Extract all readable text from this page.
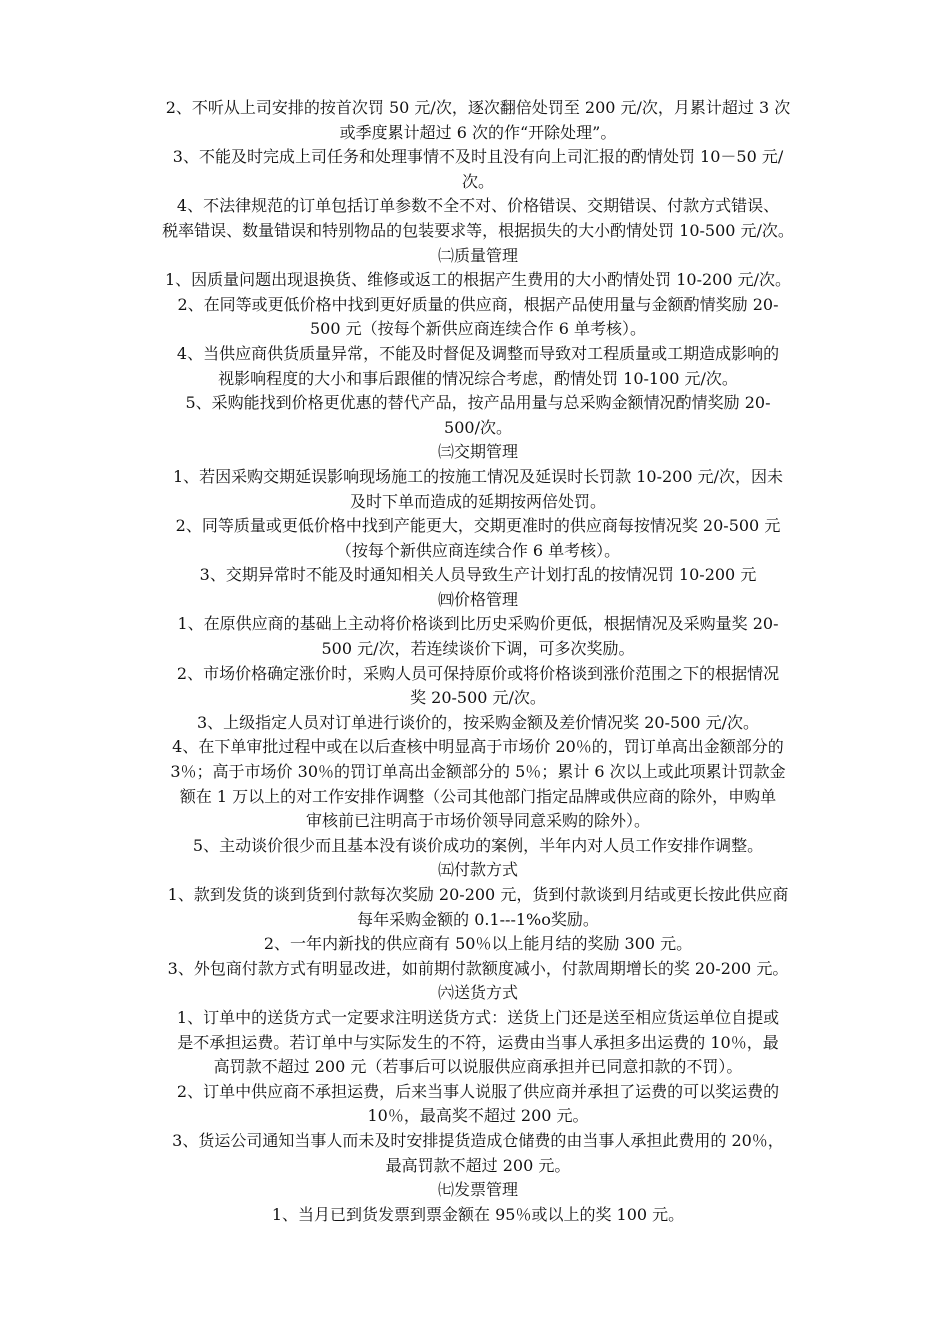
2、不听从上司安排的按首次罚 50 元/次，逐次翻倍处罚至 200 元/次，月累计超过 3 次
或季度累计超过 6 次的作“开除处理”。

3、不能及时完成上司任务和处理事情不及时且没有向上司汇报的酌情处罚 10－50 元/
次。

4、不法律规范的订单包括订单参数不全不对、价格错误、交期错误、付款方式错误、
税率错误、数量错误和特别物品的包装要求等，根据损失的大小酌情处罚 10-500 元/次。

㈡质量管理

1、因质量问题出现退换货、维修或返工的根据产生费用的大小酌情处罚 10-200 元/次。

2、在同等或更低价格中找到更好质量的供应商，根据产品使用量与金额酌情奖励 20-
500 元（按每个新供应商连续合作 6 单考核）。

4、当供应商供货质量异常，不能及时督促及调整而导致对工程质量或工期造成影响的
视影响程度的大小和事后跟催的情况综合考虑，酌情处罚 10-100 元/次。

5、采购能找到价格更优惠的替代产品，按产品用量与总采购金额情况酌情奖励 20-
500/次。

㈢交期管理

1、若因采购交期延误影响现场施工的按施工情况及延误时长罚款 10-200 元/次，因未
及时下单而造成的延期按两倍处罚。

2、同等质量或更低价格中找到产能更大，交期更准时的供应商每按情况奖 20-500 元
（按每个新供应商连续合作 6 单考核）。

3、交期异常时不能及时通知相关人员导致生产计划打乱的按情况罚 10-200 元

㈣价格管理

1、在原供应商的基础上主动将价格谈到比历史采购价更低，根据情况及采购量奖 20-
500 元/次，若连续谈价下调，可多次奖励。

2、市场价格确定涨价时，采购人员可保持原价或将价格谈到涨价范围之下的根据情况
奖 20-500 元/次。

3、上级指定人员对订单进行谈价的，按采购金额及差价情况奖 20-500 元/次。

4、在下单审批过程中或在以后查核中明显高于市场价 20％的，罚订单高出金额部分的
3％；高于市场价 30％的罚订单高出金额部分的 5％；累计 6 次以上或此项累计罚款金
额在 1 万以上的对工作安排作调整（公司其他部门指定品牌或供应商的除外，申购单
审核前已注明高于市场价领导同意采购的除外）。

5、主动谈价很少而且基本没有谈价成功的案例，半年内对人员工作安排作调整。

㈤付款方式

1、款到发货的谈到货到付款每次奖励 20-200 元，货到付款谈到月结或更长按此供应商
每年采购金额的 0.1---1%o奖励。

2、一年内新找的供应商有 50％以上能月结的奖励 300 元。

3、外包商付款方式有明显改进，如前期付款额度减小，付款周期增长的奖 20-200 元。

㈥送货方式

1、订单中的送货方式一定要求注明送货方式：送货上门还是送至相应货运单位自提或
是不承担运费。若订单中与实际发生的不符，运费由当事人承担多出运费的 10％，最
高罚款不超过 200 元（若事后可以说服供应商承担并已同意扣款的不罚）。

2、订单中供应商不承担运费，后来当事人说服了供应商并承担了运费的可以奖运费的
10％，最高奖不超过 200 元。

3、货运公司通知当事人而未及时安排提货造成仓储费的由当事人承担此费用的 20％，
最高罚款不超过 200 元。

㈦发票管理

1、当月已到货发票到票金额在 95％或以上的奖 100 元。
